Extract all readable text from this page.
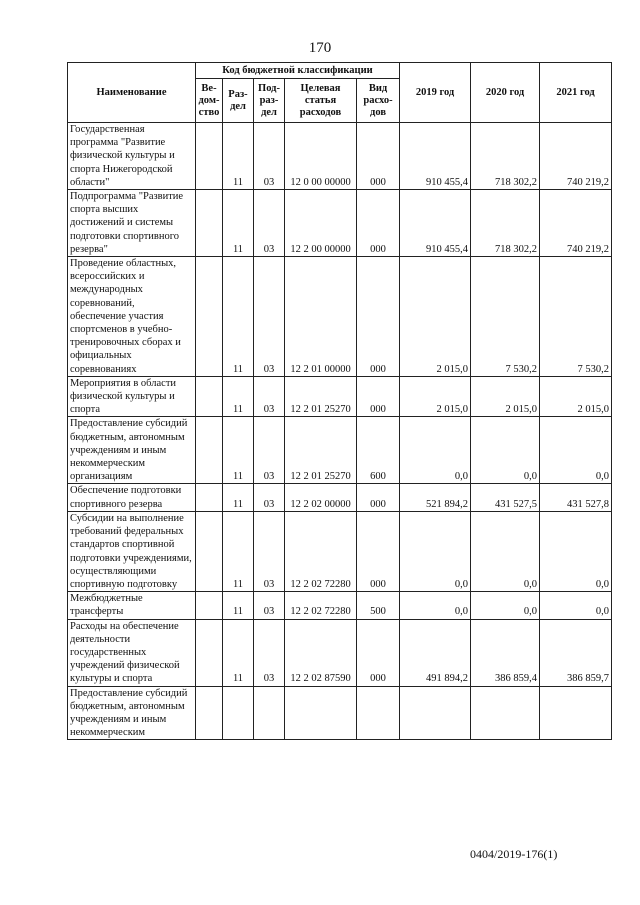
170
Наименование	Код бюджетной классификации					2019 год	2020 год	2021 год
	Ве-дом-ство	Раз-дел	Под-раз-дел	Целевая статья расходов	Вид расхо-дов			
Государственная программа "Развитие физической культуры и спорта Нижегородской области"		11	03	12 0 00 00000	000	910 455,4	718 302,2	740 219,2
Подпрограмма "Развитие спорта высших достижений и системы подготовки спортивного резерва"		11	03	12 2 00 00000	000	910 455,4	718 302,2	740 219,2
Проведение областных, всероссийских и международных соревнований, обеспечение участия спортсменов в учебно-тренировочных сборах и официальных соревнованиях		11	03	12 2 01 00000	000	2 015,0	7 530,2	7 530,2
Мероприятия в области физической культуры и спорта		11	03	12 2 01 25270	000	2 015,0	2 015,0	2 015,0
Предоставление субсидий бюджетным, автономным учреждениям и иным некоммерческим организациям		11	03	12 2 01 25270	600	0,0	0,0	0,0
Обеспечение подготовки спортивного резерва		11	03	12 2 02 00000	000	521 894,2	431 527,5	431 527,8
Субсидии на выполнение требований федеральных стандартов спортивной подготовки учреждениями, осуществляющими спортивную подготовку		11	03	12 2 02 72280	000	0,0	0,0	0,0
Межбюджетные трансферты		11	03	12 2 02 72280	500	0,0	0,0	0,0
Расходы на обеспечение деятельности государственных учреждений физической культуры и спорта		11	03	12 2 02 87590	000	491 894,2	386 859,4	386 859,7
Предоставление субсидий бюджетным, автономным учреждениям и иным некоммерческим								
0404/2019-176(1)
